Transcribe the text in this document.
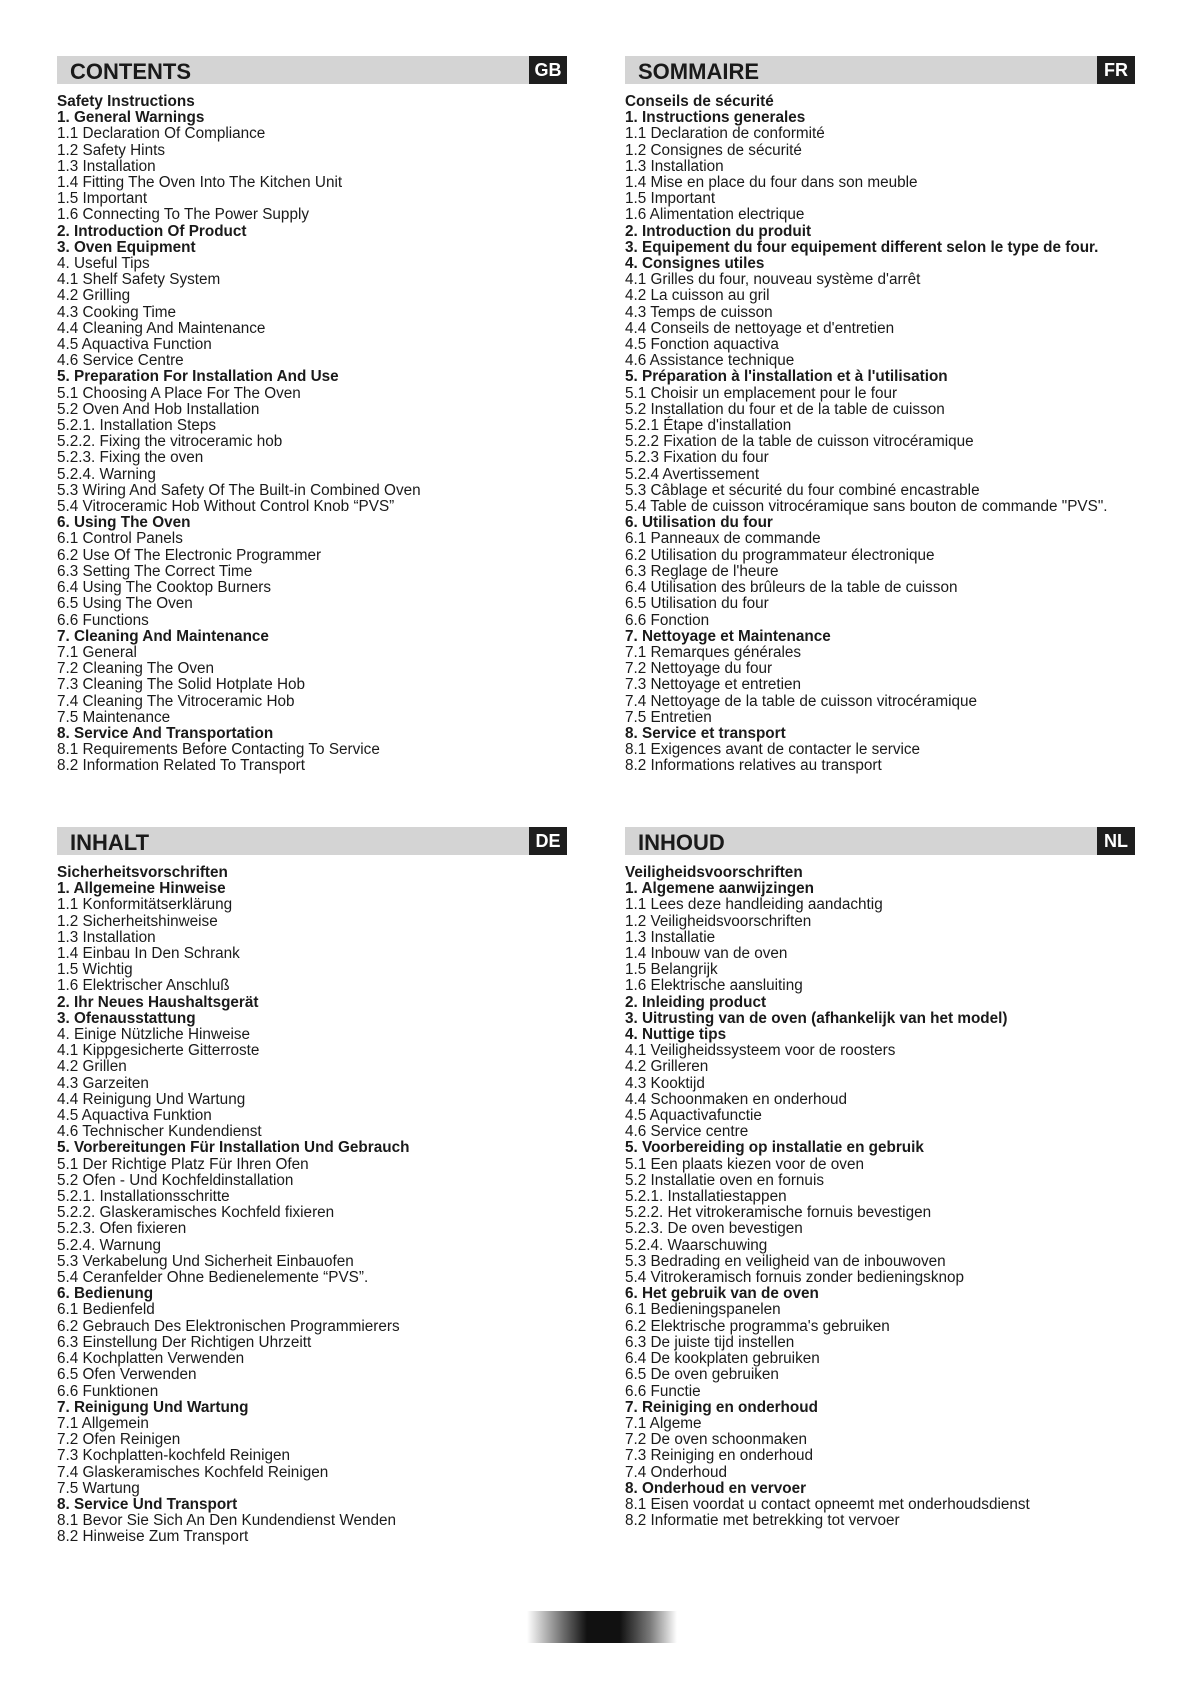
CONTENTS	GB
Safety Instructions
1. General Warnings
1.1 Declaration Of Compliance
1.2 Safety Hints
1.3 Installation
1.4 Fitting The Oven Into The Kitchen Unit
1.5 Important
1.6 Connecting To The Power Supply
2. Introduction Of Product
3. Oven Equipment
4. Useful Tips
4.1 Shelf Safety System
4.2 Grilling
4.3 Cooking Time
4.4 Cleaning And Maintenance
4.5 Aquactiva Function
4.6 Service Centre
5. Preparation For Installation And Use
5.1 Choosing A Place For The Oven
5.2 Oven And Hob Installation
5.2.1. Installation Steps
5.2.2. Fixing the vitroceramic hob
5.2.3. Fixing the oven
5.2.4. Warning
5.3 Wiring And Safety Of The Built-in Combined Oven
5.4 Vitroceramic Hob Without Control Knob “PVS”
6. Using The Oven
6.1 Control Panels
6.2 Use Of The Electronic Programmer
6.3 Setting The Correct Time
6.4 Using The Cooktop Burners
6.5 Using The Oven
6.6 Functions
7. Cleaning And Maintenance
7.1 General
7.2 Cleaning The Oven
7.3 Cleaning The Solid Hotplate Hob
7.4 Cleaning The Vitroceramic Hob
7.5 Maintenance
8. Service And Transportation
8.1 Requirements Before Contacting To Service
8.2 Information Related To Transport
SOMMAIRE	FR
Conseils de sécurité
1. Instructions generales
1.1 Declaration de conformité
1.2 Consignes de sécurité
1.3 Installation
1.4 Mise en place du four dans son meuble
1.5 Important
1.6 Alimentation electrique
2. Introduction du produit
3. Equipement du four equipement different selon le type de four.
4. Consignes utiles
4.1 Grilles du four, nouveau système d'arrêt
4.2 La cuisson au gril
4.3 Temps de cuisson
4.4 Conseils de nettoyage et d'entretien
4.5 Fonction aquactiva
4.6 Assistance technique
5. Préparation à l'installation et à l'utilisation
5.1 Choisir un emplacement pour le four
5.2 Installation du four et de la table de cuisson
5.2.1 Étape d'installation
5.2.2 Fixation de la table de cuisson vitrocéramique
5.2.3 Fixation du four
5.2.4 Avertissement
5.3 Câblage et sécurité du four combiné encastrable
5.4 Table de cuisson vitrocéramique sans bouton de commande "PVS".
6. Utilisation du four
6.1 Panneaux de commande
6.2 Utilisation du programmateur électronique
6.3 Reglage de l'heure
6.4 Utilisation des brûleurs de la table de cuisson
6.5 Utilisation du four
6.6 Fonction
7. Nettoyage et Maintenance
7.1 Remarques générales
7.2 Nettoyage du four
7.3 Nettoyage et entretien
7.4 Nettoyage de la table de cuisson vitrocéramique
7.5 Entretien
8. Service et transport
8.1 Exigences avant de contacter le service
8.2 Informations relatives au transport
INHALT	DE
Sicherheitsvorschriften
1. Allgemeine Hinweise
1.1 Konformitätserklärung
1.2 Sicherheitshinweise
1.3 Installation
1.4 Einbau In Den Schrank
1.5 Wichtig
1.6 Elektrischer Anschluß
2. Ihr Neues Haushaltsgerät
3. Ofenausstattung
4. Einige Nützliche Hinweise
4.1 Kippgesicherte Gitterroste
4.2 Grillen
4.3 Garzeiten
4.4 Reinigung Und Wartung
4.5 Aquactiva Funktion
4.6 Technischer Kundendienst
5. Vorbereitungen Für Installation Und Gebrauch
5.1 Der Richtige Platz Für Ihren Ofen
5.2 Ofen - Und Kochfeldinstallation
5.2.1. Installationsschritte
5.2.2. Glaskeramisches Kochfeld fixieren
5.2.3. Ofen fixieren
5.2.4. Warnung
5.3 Verkabelung Und Sicherheit Einbauofen
5.4 Ceranfelder Ohne Bedienelemente “PVS”.
6. Bedienung
6.1 Bedienfeld
6.2 Gebrauch Des Elektronischen Programmierers
6.3 Einstellung Der Richtigen Uhrzeitt
6.4 Kochplatten Verwenden
6.5 Ofen Verwenden
6.6 Funktionen
7. Reinigung Und Wartung
7.1 Allgemein
7.2 Ofen Reinigen
7.3 Kochplatten-kochfeld Reinigen
7.4 Glaskeramisches Kochfeld Reinigen
7.5 Wartung
8. Service Und Transport
8.1 Bevor Sie Sich An Den Kundendienst Wenden
8.2 Hinweise Zum Transport
INHOUD	NL
Veiligheidsvoorschriften
1. Algemene aanwijzingen
1.1 Lees deze handleiding aandachtig
1.2 Veiligheidsvoorschriften
1.3 Installatie
1.4 Inbouw van de oven
1.5 Belangrijk
1.6 Elektrische aansluiting
2. Inleiding product
3. Uitrusting van de oven (afhankelijk van het model)
4. Nuttige tips
4.1 Veiligheidssysteem voor de roosters
4.2 Grilleren
4.3 Kooktijd
4.4 Schoonmaken en onderhoud
4.5 Aquactivafunctie
4.6 Service centre
5. Voorbereiding op installatie en gebruik
5.1 Een plaats kiezen voor de oven
5.2 Installatie oven en fornuis
5.2.1. Installatiestappen
5.2.2. Het vitrokeramische fornuis bevestigen
5.2.3. De oven bevestigen
5.2.4. Waarschuwing
5.3 Bedrading en veiligheid van de inbouwoven
5.4 Vitrokeramisch fornuis zonder bedieningsknop
6. Het gebruik van de oven
6.1 Bedieningspanelen
6.2 Elektrische programma's gebruiken
6.3 De juiste tijd instellen
6.4 De kookplaten gebruiken
6.5 De oven gebruiken
6.6 Functie
7. Reiniging en onderhoud
7.1 Algeme
7.2 De oven schoonmaken
7.3 Reiniging en onderhoud
7.4 Onderhoud
8. Onderhoud en vervoer
8.1 Eisen voordat u contact opneemt met onderhoudsdienst
8.2 Informatie met betrekking tot vervoer
